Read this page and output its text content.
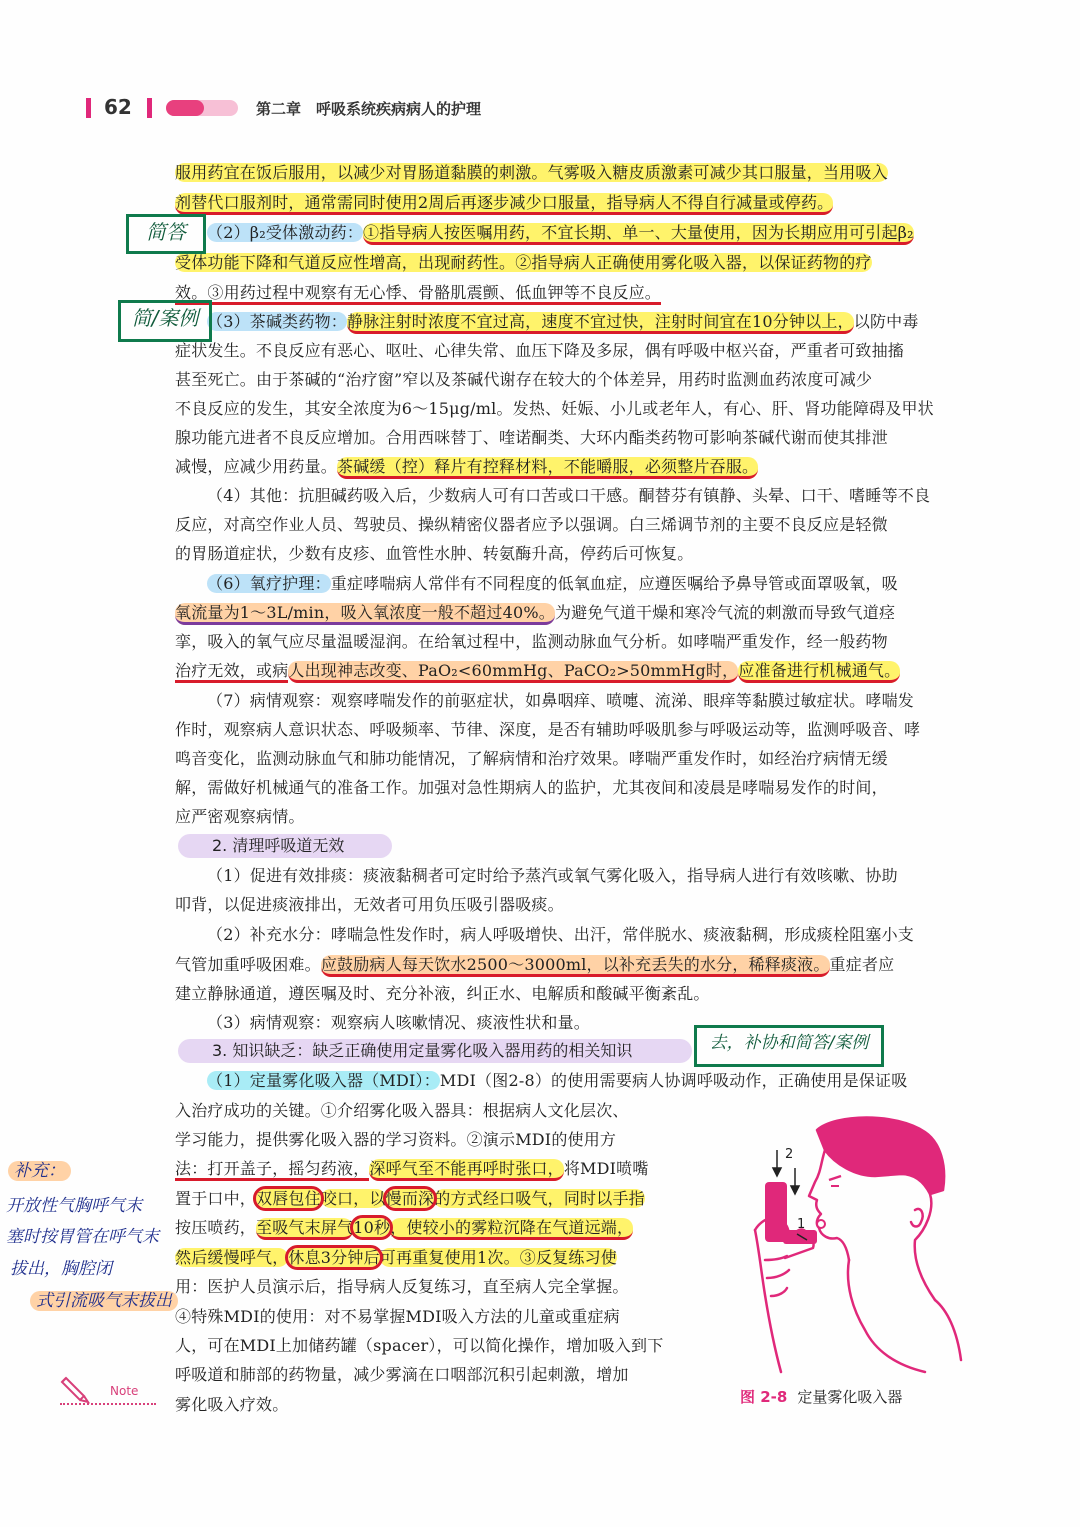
62	第二章　呼吸系统疾病病人的护理
服用药宜在饭后服用，以减少对胃肠道黏膜的刺激。气雾吸入糖皮质激素可减少其口服量，当用吸入
剂替代口服剂时，通常需同时使用2周后再逐步减少口服量，指导病人不得自行减量或停药。
（2）β₂受体激动药：①指导病人按医嘱用药，不宜长期、单一、大量使用，因为长期应用可引起β₂
受体功能下降和气道反应性增高，出现耐药性。②指导病人正确使用雾化吸入器，以保证药物的疗
效。③用药过程中观察有无心悸、骨骼肌震颤、低血钾等不良反应。
（3）茶碱类药物：静脉注射时浓度不宜过高，速度不宜过快，注射时间宜在10分钟以上，以防中毒
症状发生。不良反应有恶心、呕吐、心律失常、血压下降及多尿，偶有呼吸中枢兴奋，严重者可致抽搐
甚至死亡。由于茶碱的“治疗窗”窄以及茶碱代谢存在较大的个体差异，用药时监测血药浓度可减少
不良反应的发生，其安全浓度为6～15μg/ml。发热、妊娠、小儿或老年人，有心、肝、肾功能障碍及甲状
腺功能亢进者不良反应增加。合用西咪替丁、喹诺酮类、大环内酯类药物可影响茶碱代谢而使其排泄
减慢，应减少用药量。茶碱缓（控）释片有控释材料，不能嚼服，必须整片吞服。
（4）其他：抗胆碱药吸入后，少数病人可有口苦或口干感。酮替芬有镇静、头晕、口干、嗜睡等不良
反应，对高空作业人员、驾驶员、操纵精密仪器者应予以强调。白三烯调节剂的主要不良反应是轻微
的胃肠道症状，少数有皮疹、血管性水肿、转氨酶升高，停药后可恢复。
（6）氧疗护理：重症哮喘病人常伴有不同程度的低氧血症，应遵医嘱给予鼻导管或面罩吸氧，吸
氧流量为1～3L/min，吸入氧浓度一般不超过40%。为避免气道干燥和寒冷气流的刺激而导致气道痉
挛，吸入的氧气应尽量温暖湿润。在给氧过程中，监测动脉血气分析。如哮喘严重发作，经一般药物
治疗无效，或病人出现神志改变、PaO₂<60mmHg、PaCO₂>50mmHg时，应准备进行机械通气。
（7）病情观察：观察哮喘发作的前驱症状，如鼻咽痒、喷嚏、流涕、眼痒等黏膜过敏症状。哮喘发
作时，观察病人意识状态、呼吸频率、节律、深度，是否有辅助呼吸肌参与呼吸运动等，监测呼吸音、哮
鸣音变化，监测动脉血气和肺功能情况，了解病情和治疗效果。哮喘严重发作时，如经治疗病情无缓
解，需做好机械通气的准备工作。加强对急性期病人的监护，尤其夜间和凌晨是哮喘易发作的时间，
应严密观察病情。
2. 清理呼吸道无效
（1）促进有效排痰：痰液黏稠者可定时给予蒸汽或氧气雾化吸入，指导病人进行有效咳嗽、协助
叩背，以促进痰液排出，无效者可用负压吸引器吸痰。
（2）补充水分：哮喘急性发作时，病人呼吸增快、出汗，常伴脱水、痰液黏稠，形成痰栓阻塞小支
气管加重呼吸困难。应鼓励病人每天饮水2500～3000ml，以补充丢失的水分，稀释痰液。重症者应
建立静脉通道，遵医嘱及时、充分补液，纠正水、电解质和酸碱平衡紊乱。
（3）病情观察：观察病人咳嗽情况、痰液性状和量。
3. 知识缺乏：缺乏正确使用定量雾化吸入器用药的相关知识
（1）定量雾化吸入器（MDI）：MDI（图2-8）的使用需要病人协调呼吸动作，正确使用是保证吸
入治疗成功的关键。①介绍雾化吸入器具：根据病人文化层次、
学习能力，提供雾化吸入器的学习资料。②演示MDI的使用方
法：打开盖子，摇匀药液，深呼气至不能再呼时张口，将MDI喷嘴
置于口中，双唇包住咬口，以慢而深的方式经口吸气，同时以手指
按压喷药，至吸气末屏气10秒，使较小的雾粒沉降在气道远端，
然后缓慢呼气，休息3分钟后可再重复使用1次。③反复练习使
用：医护人员演示后，指导病人反复练习，直至病人完全掌握。
④特殊MDI的使用：对不易掌握MDI吸入方法的儿童或重症病
人，可在MDI上加储药罐（spacer），可以简化操作，增加吸入到下
呼吸道和肺部的药物量，减少雾滴在口咽部沉积引起刺激，增加
雾化吸入疗效。
简答
简/案例
去，补协和简答/案例
补充：
开放性气胸呼气末
塞时按胃管在呼气末
拔出，胸腔闭
式引流吸气末拔出
Note
2
1
图 2-8 定量雾化吸入器
